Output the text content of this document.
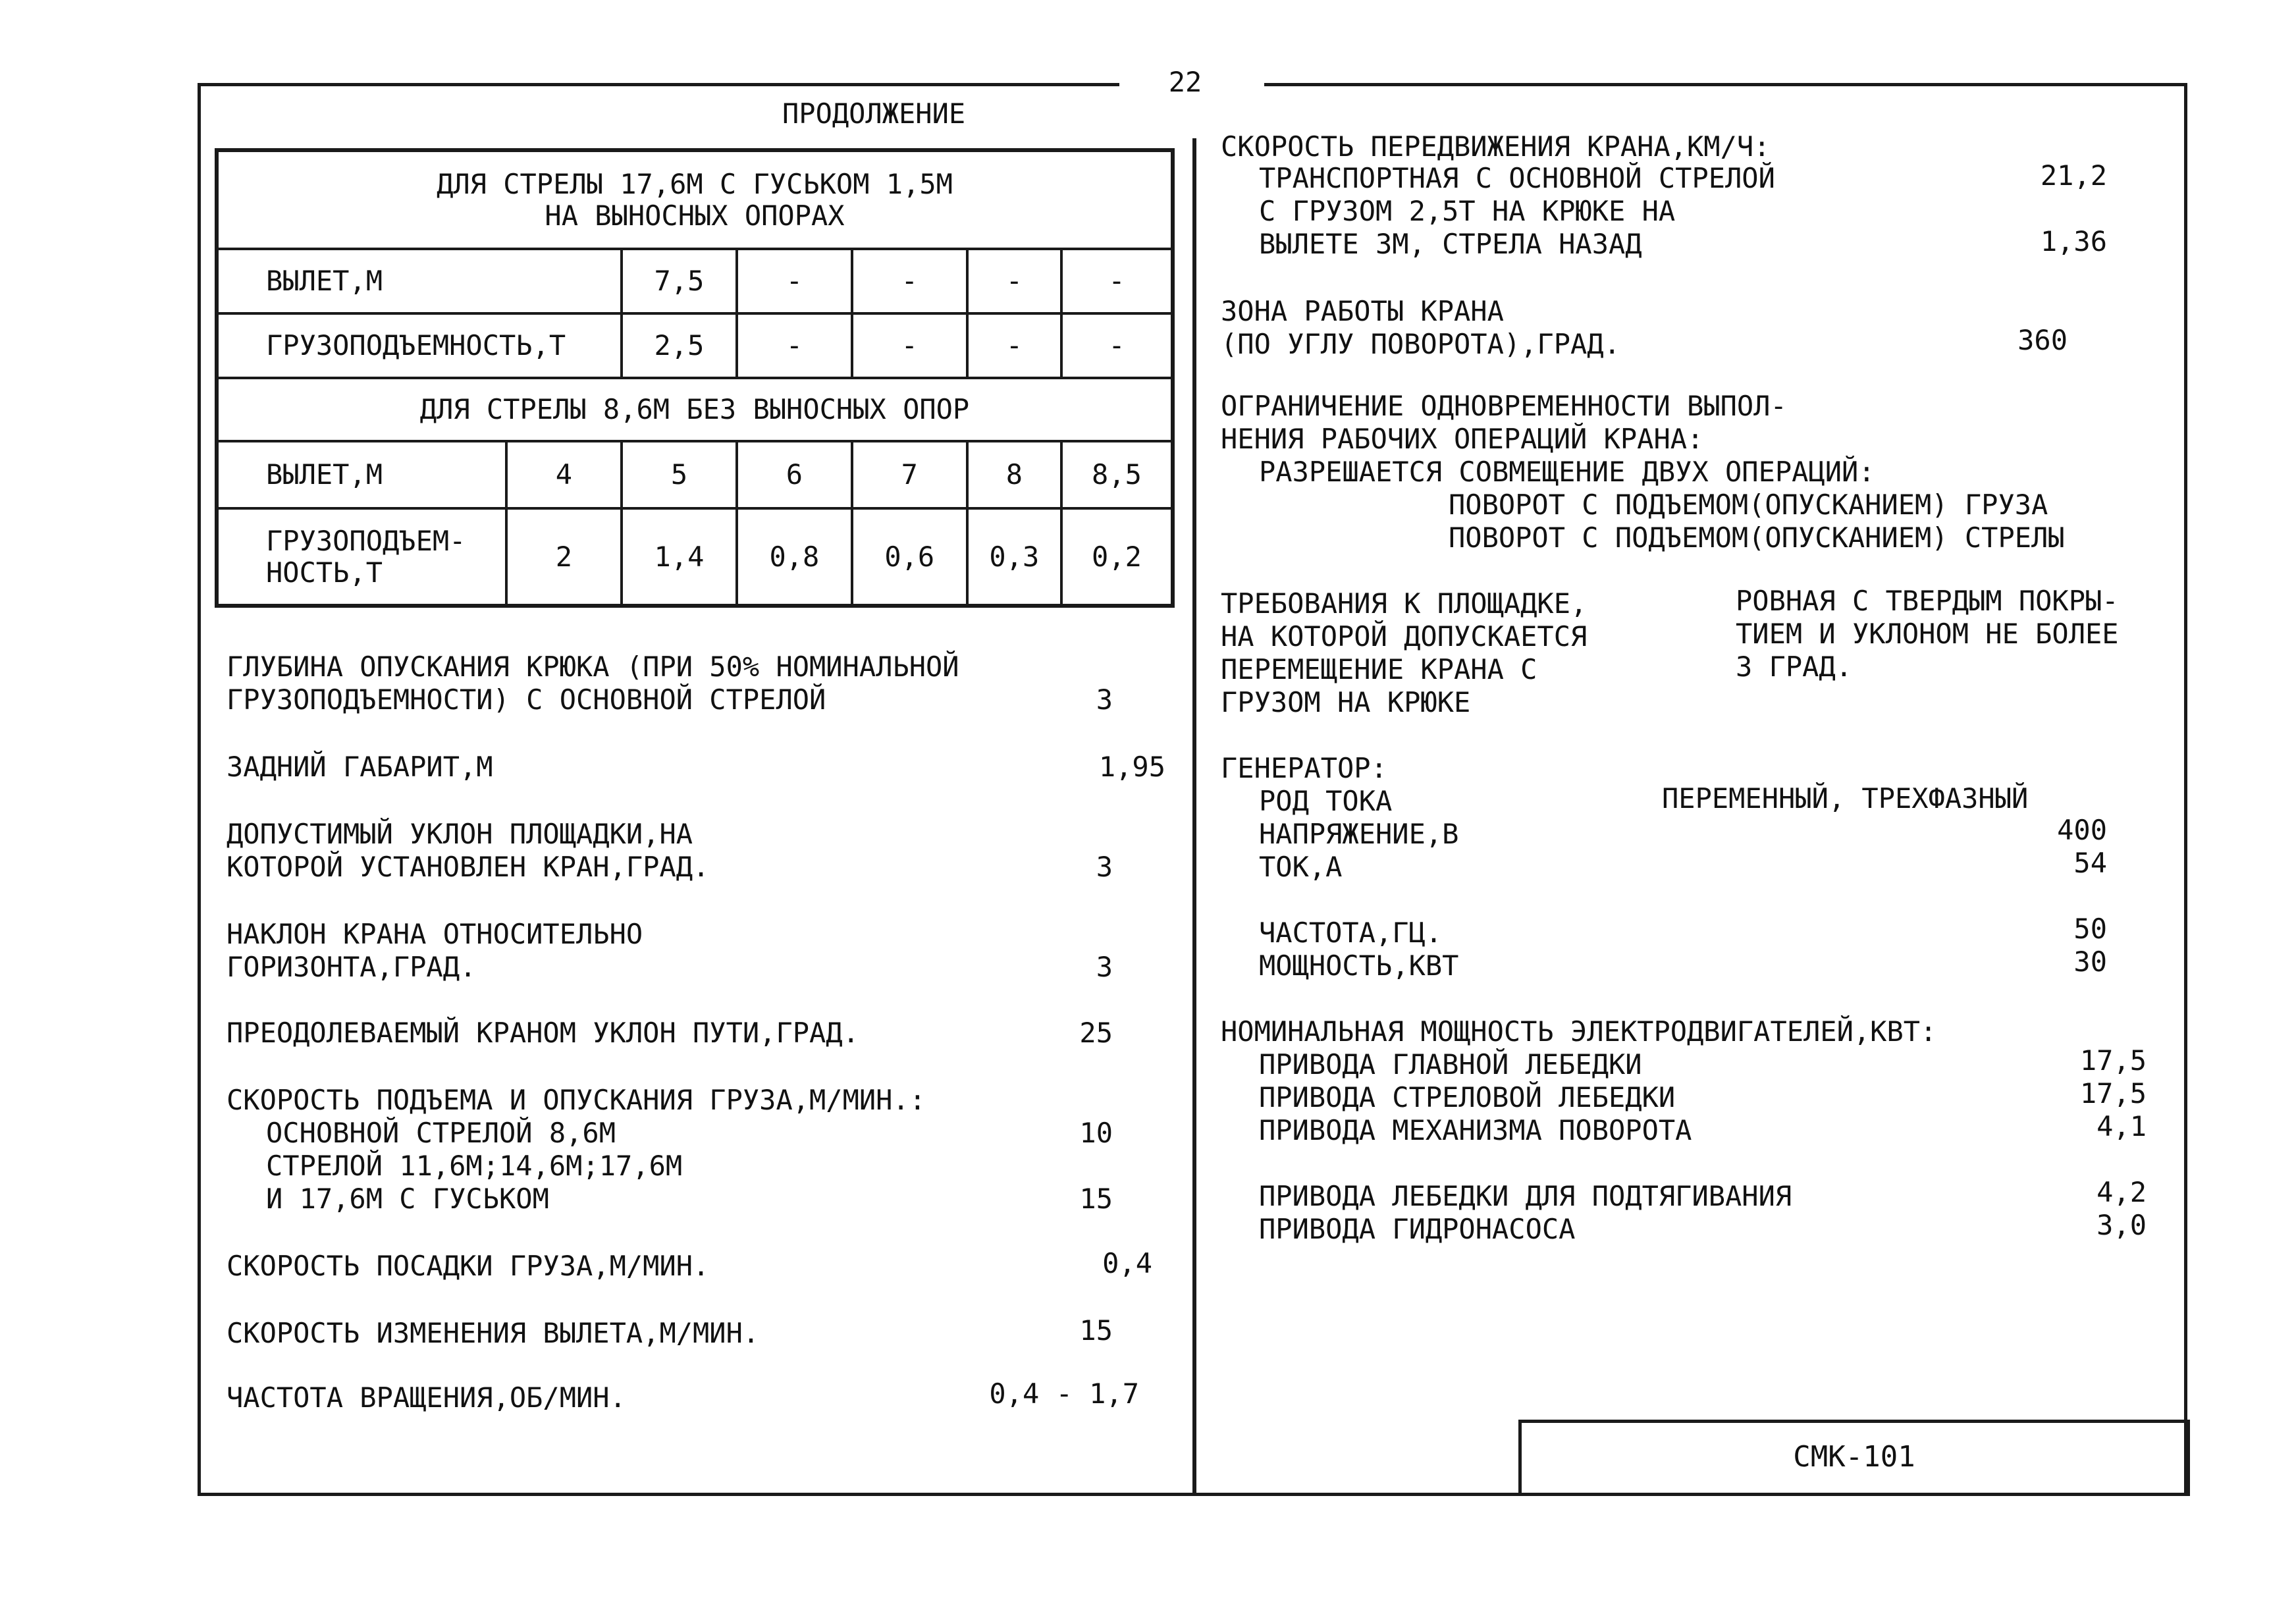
22
ПРОДОЛЖЕНИЕ
ДЛЯ СТРЕЛЫ 17,6М С ГУСЬКОМ 1,5М
НА ВЫНОСНЫХ ОПОРАХ						

ВЫЛЕТ,М		7,5	-	-	-	-
ГРУЗОПОДЪЕМНОСТЬ,Т		2,5	-	-	-	-
ДЛЯ СТРЕЛЫ 8,6М БЕЗ ВЫНОСНЫХ ОПОР						
ВЫЛЕТ,М	4	5	6	7	8	8,5

ГРУЗОПОДЪЕМ-
НОСТЬ,Т	2	1,4	0,8	0,6	0,3	0,2
ГЛУБИНА ОПУСКАНИЯ КРЮКА (ПРИ 50% НОМИНАЛЬНОЙ
ГРУЗОПОДЪЕМНОСТИ) С ОСНОВНОЙ СТРЕЛОЙ	3
ЗАДНИЙ ГАБАРИТ,М	1,95
ДОПУСТИМЫЙ УКЛОН ПЛОЩАДКИ,НА
КОТОРОЙ УСТАНОВЛЕН КРАН,ГРАД.	3
НАКЛОН КРАНА ОТНОСИТЕЛЬНО
ГОРИЗОНТА,ГРАД.	3
ПРЕОДОЛЕВАЕМЫЙ КРАНОМ УКЛОН ПУТИ,ГРАД.	25
СКОРОСТЬ ПОДЪЕМА И ОПУСКАНИЯ ГРУЗА,М/МИН.:
ОСНОВНОЙ СТРЕЛОЙ 8,6М	10
СТРЕЛОЙ 11,6М;14,6М;17,6М
И 17,6М С ГУСЬКОМ	15
СКОРОСТЬ ПОСАДКИ ГРУЗА,М/МИН.	0,4
СКОРОСТЬ ИЗМЕНЕНИЯ ВЫЛЕТА,М/МИН.	15
ЧАСТОТА ВРАЩЕНИЯ,ОБ/МИН.	0,4 - 1,7
СКОРОСТЬ ПЕРЕДВИЖЕНИЯ КРАНА,КМ/Ч:
ТРАНСПОРТНАЯ С ОСНОВНОЙ СТРЕЛОЙ	21,2
С ГРУЗОМ 2,5Т НА КРЮКЕ НА
ВЫЛЕТЕ 3М, СТРЕЛА НАЗАД	1,36
ЗОНА РАБОТЫ КРАНА
(ПО УГЛУ ПОВОРОТА),ГРАД.	360
ОГРАНИЧЕНИЕ ОДНОВРЕМЕННОСТИ ВЫПОЛ-
НЕНИЯ РАБОЧИХ ОПЕРАЦИЙ КРАНА:
РАЗРЕШАЕТСЯ СОВМЕЩЕНИЕ ДВУХ ОПЕРАЦИЙ:
ПОВОРОТ С ПОДЪЕМОМ(ОПУСКАНИЕМ) ГРУЗА
ПОВОРОТ С ПОДЪЕМОМ(ОПУСКАНИЕМ) СТРЕЛЫ
ТРЕБОВАНИЯ К ПЛОЩАДКЕ,
НА КОТОРОЙ ДОПУСКАЕТСЯ
ПЕРЕМЕЩЕНИЕ КРАНА С
ГРУЗОМ НА КРЮКЕ
РОВНАЯ С ТВЕРДЫМ ПОКРЫ-
ТИЕМ И УКЛОНОМ НЕ БОЛЕЕ
3 ГРАД.
ГЕНЕРАТОР:
РОД ТОКА	ПЕРЕМЕННЫЙ, ТРЕХФАЗНЫЙ
НАПРЯЖЕНИЕ,В	400
ТОК,А	54
ЧАСТОТА,ГЦ.	50
МОЩНОСТЬ,КВТ	30
НОМИНАЛЬНАЯ МОЩНОСТЬ ЭЛЕКТРОДВИГАТЕЛЕЙ,КВТ:
ПРИВОДА ГЛАВНОЙ ЛЕБЕДКИ	17,5
ПРИВОДА СТРЕЛОВОЙ ЛЕБЕДКИ	17,5
ПРИВОДА МЕХАНИЗМА ПОВОРОТА	4,1
ПРИВОДА ЛЕБЕДКИ ДЛЯ ПОДТЯГИВАНИЯ	4,2
ПРИВОДА ГИДРОНАСОСА	3,0
СМК-101
